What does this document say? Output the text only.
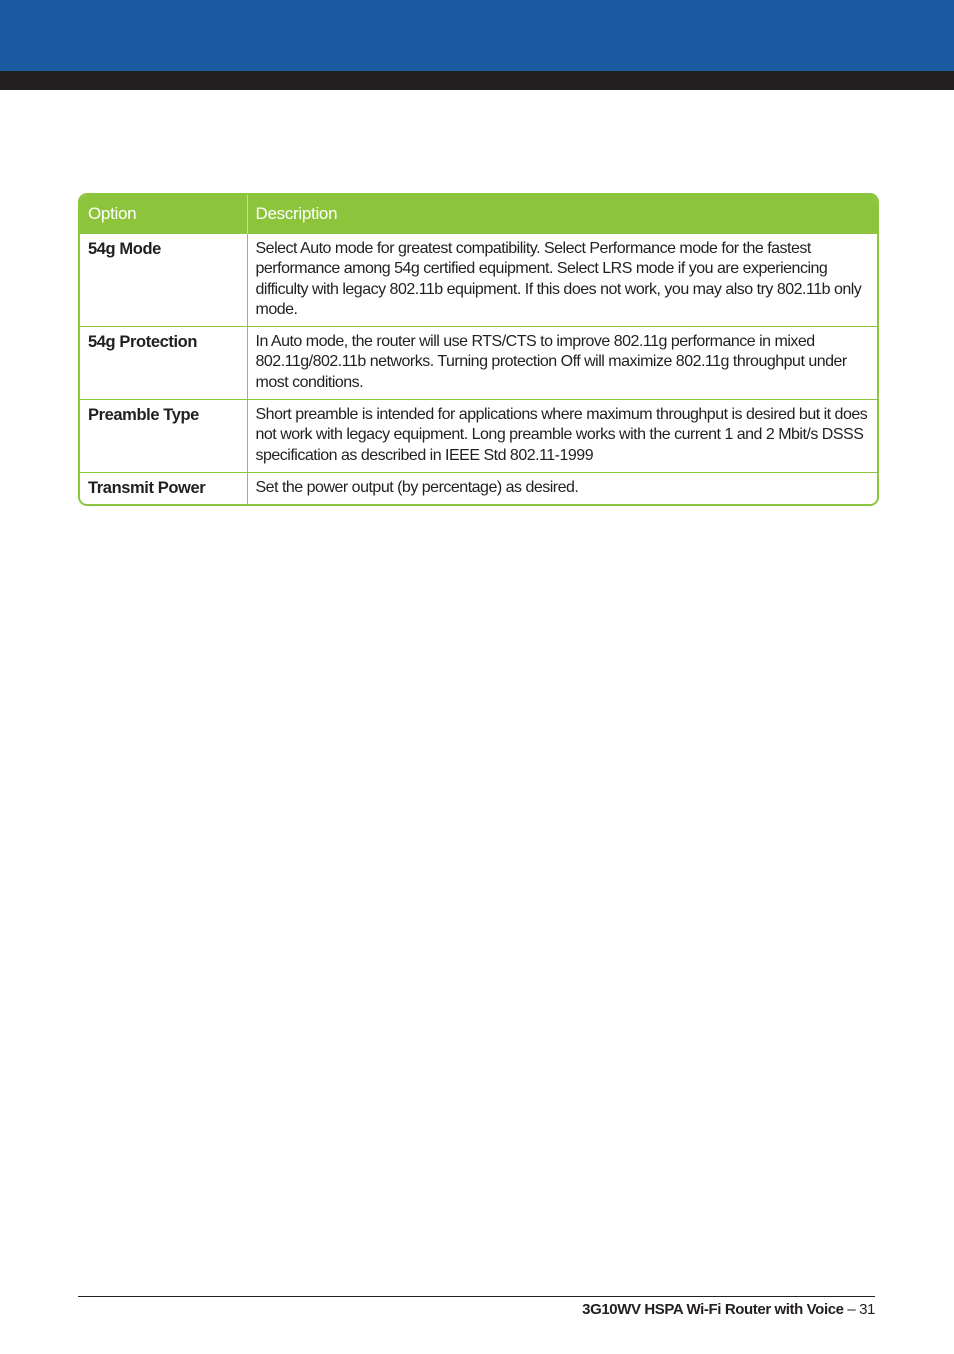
Option	Description
54g Mode	Select Auto mode for greatest compatibility. Select Performance mode for the fastest performance among 54g certified equipment. Select LRS mode if you are experiencing difficulty with legacy 802.11b equipment. If this does not work, you may also try 802.11b only mode.
54g Protection	In Auto mode, the router will use RTS/CTS to improve 802.11g performance in mixed 802.11g/802.11b networks. Turning protection Off will maximize 802.11g throughput under most conditions.
Preamble Type	Short preamble is intended for applications where maximum throughput is desired but it does not work with legacy equipment. Long preamble works with the current 1 and 2 Mbit/s DSSS specification as described in IEEE Std 802.11-1999
Transmit Power	Set the power output (by percentage) as desired.
3G10WV HSPA Wi-Fi Router with Voice – 31
